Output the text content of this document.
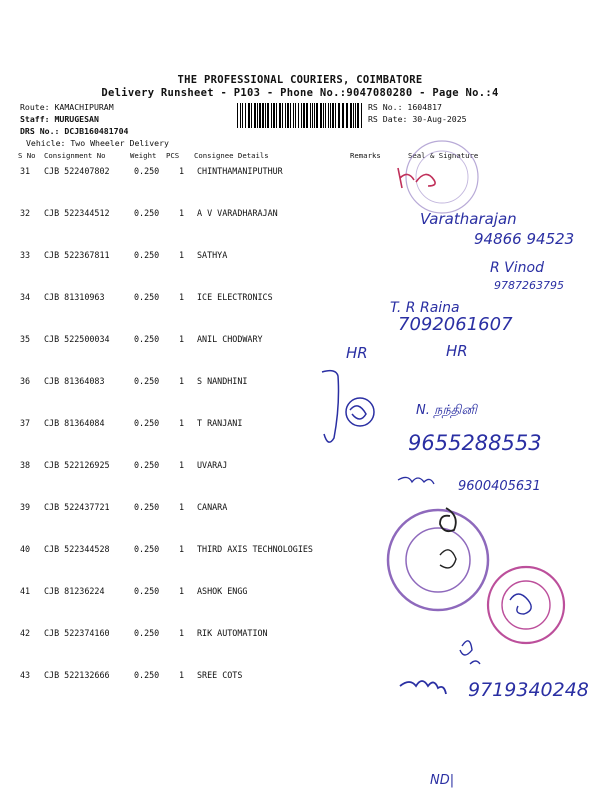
THE PROFESSIONAL COURIERS, COIMBATORE
Delivery Runsheet - P103 - Phone No.:9047080280 - Page No.:4
Route: KAMACHIPURAM
Staff: MURUGESAN
DRS No.: DCJB160481704
Vehicle: Two Wheeler Delivery
RS No.: 1604817
RS Date: 30-Aug-2025
S No Consignment No	Weight PCS Consignee Details	Remarks	Seal & Signature
31 CJB 522407802	0.250 1 CHINTHAMANIPUTHUR
32 CJB 522344512	0.250 1 A V VARADHARAJAN
33 CJB 522367811	0.250 1 SATHYA
34 CJB 81310963	0.250 1 ICE ELECTRONICS
35 CJB 522500034	0.250 1 ANIL CHODWARY
36 CJB 81364083	0.250 1 S NANDHINI
37 CJB 81364084	0.250 1 T RANJANI
38 CJB 522126925	0.250 1 UVARAJ
39 CJB 522437721	0.250 1 CANARA
40 CJB 522344528	0.250 1 THIRD AXIS TECHNOLOGIES
41 CJB 81236224	0.250 1 ASHOK ENGG
42 CJB 522374160	0.250 1 RIK AUTOMATION
43 CJB 522132666	0.250 1 SREE COTS
Varatharajan
94866 94523
R Vinod
9787263795
T. R Raina
7092061607
HR	HR
N. நந்தினி
9655288553
9600405631
9719340248
ND|
